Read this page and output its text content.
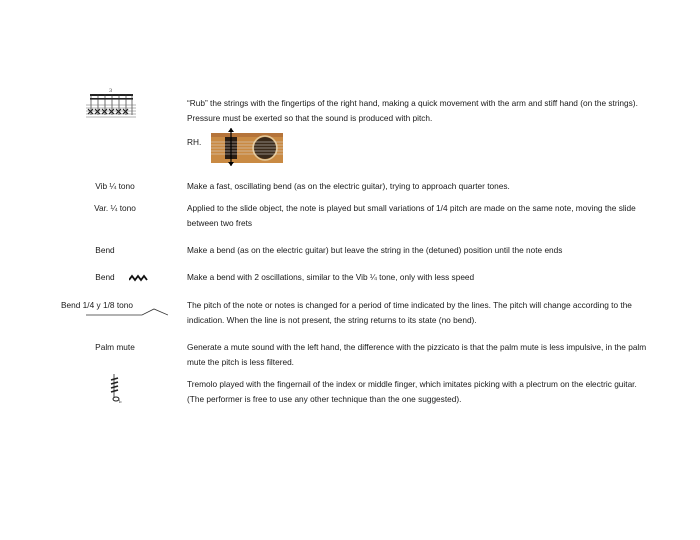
3
“Rub” the strings with the fingertips of the right hand, making a quick movement with the arm and stiff hand (on the strings). Pressure must be exerted so that the sound is produced with pitch.
RH.
Vib ¼ tono	Make a fast, oscillating bend (as on the electric guitar), trying to approach quarter tones.
Var. ¼ tono	Applied to the slide object, the note is played but small variations of 1/4 pitch are made on the same note, moving the slide between two frets
Bend	Make a bend (as on the electric guitar) but leave the string in the (detuned) position until the note ends
Bend	Make a bend with 2 oscillations, similar to the Vib ¼ tone, only with less speed
Bend 1/4 y 1/8 tono	The pitch of the note or notes is changed for a period of time indicated by the lines. The pitch will change according to the indication. When the line is not present, the string returns to its state (no bend).
Palm mute	Generate a mute sound with the left hand, the difference with the pizzicato is that the palm mute is less impulsive, in the palm mute the pitch is less filtered.
b
Tremolo played with the fingernail of the index or middle finger, which imitates picking with a plectrum on the electric guitar. (The performer is free to use any other technique than the one suggested).
